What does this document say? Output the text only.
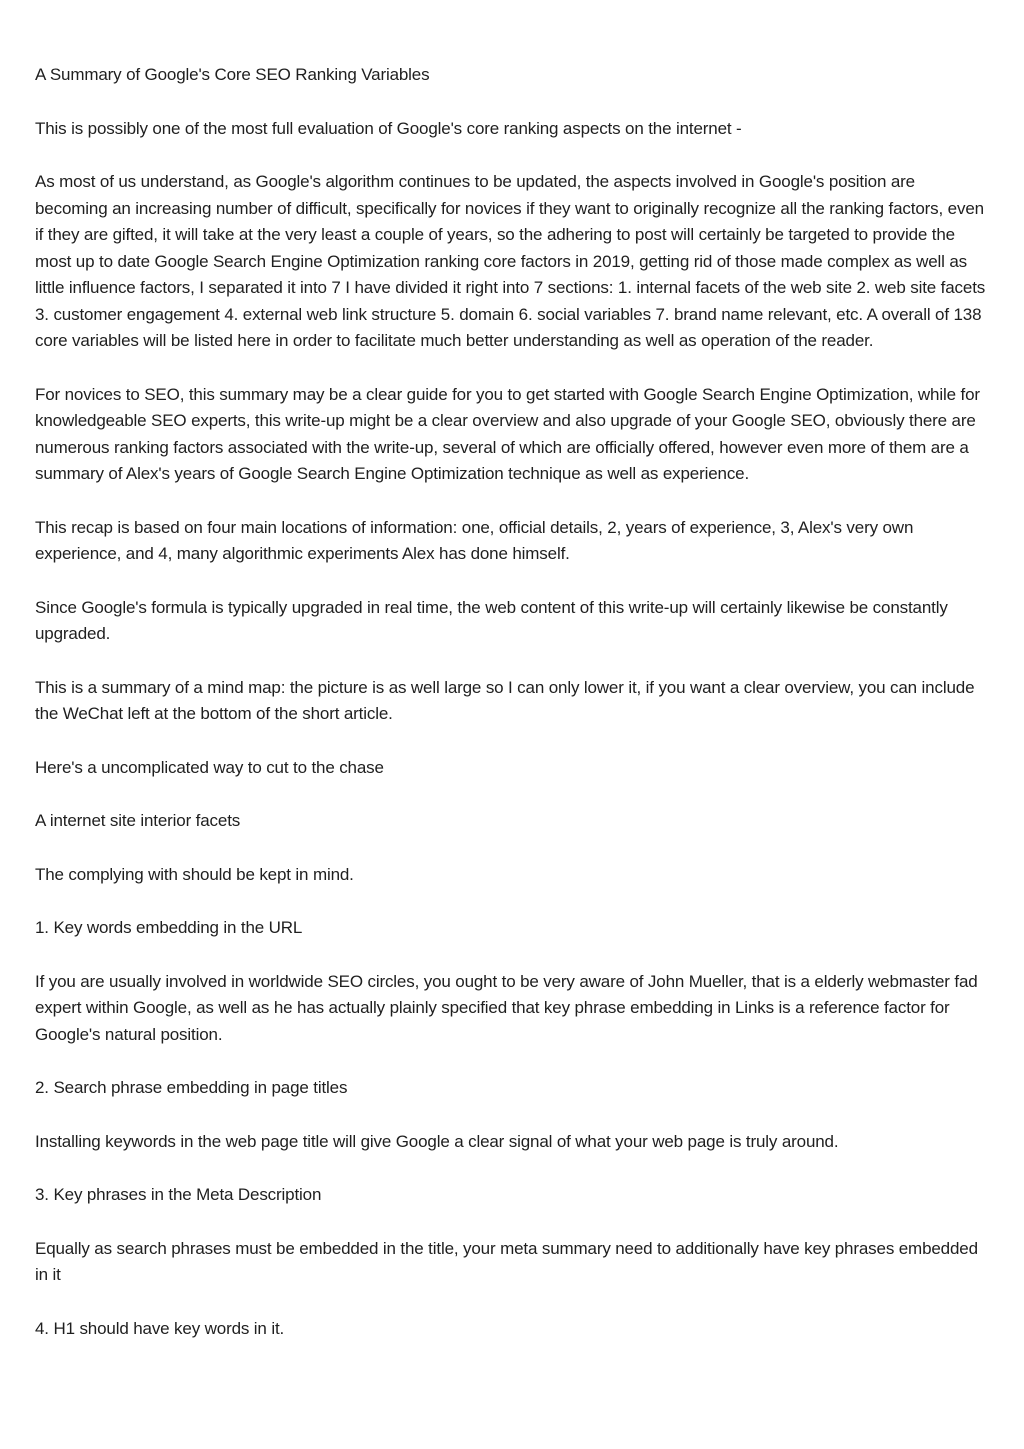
A Summary of Google's Core SEO Ranking Variables

This is possibly one of the most full evaluation of Google's core ranking aspects on the internet -

As most of us understand, as Google's algorithm continues to be updated, the aspects involved in Google's position are becoming an increasing number of difficult, specifically for novices if they want to originally recognize all the ranking factors, even if they are gifted, it will take at the very least a couple of years, so the adhering to post will certainly be targeted to provide the most up to date Google Search Engine Optimization ranking core factors in 2019, getting rid of those made complex as well as little influence factors, I separated it into 7 I have divided it right into 7 sections: 1. internal facets of the web site 2. web site facets 3. customer engagement 4. external web link structure 5. domain 6. social variables 7. brand name relevant, etc. A overall of 138 core variables will be listed here in order to facilitate much better understanding as well as operation of the reader.

For novices to SEO, this summary may be a clear guide for you to get started with Google Search Engine Optimization, while for knowledgeable SEO experts, this write-up might be a clear overview and also upgrade of your Google SEO, obviously there are numerous ranking factors associated with the write-up, several of which are officially offered, however even more of them are a summary of Alex's years of Google Search Engine Optimization technique as well as experience.

This recap is based on four main locations of information: one, official details, 2, years of experience, 3, Alex's very own experience, and 4, many algorithmic experiments Alex has done himself.

Since Google's formula is typically upgraded in real time, the web content of this write-up will certainly likewise be constantly upgraded.

This is a summary of a mind map: the picture is as well large so I can only lower it, if you want a clear overview, you can include the WeChat left at the bottom of the short article.

Here's a uncomplicated way to cut to the chase

A internet site interior facets

The complying with should be kept in mind.

1. Key words embedding in the URL

If you are usually involved in worldwide SEO circles, you ought to be very aware of John Mueller, that is a elderly webmaster fad expert within Google, as well as he has actually plainly specified that key phrase embedding in Links is a reference factor for Google's natural position.

2. Search phrase embedding in page titles

Installing keywords in the web page title will give Google a clear signal of what your web page is truly around.

3. Key phrases in the Meta Description

Equally as search phrases must be embedded in the title, your meta summary need to additionally have key phrases embedded in it

4. H1 should have key words in it.
